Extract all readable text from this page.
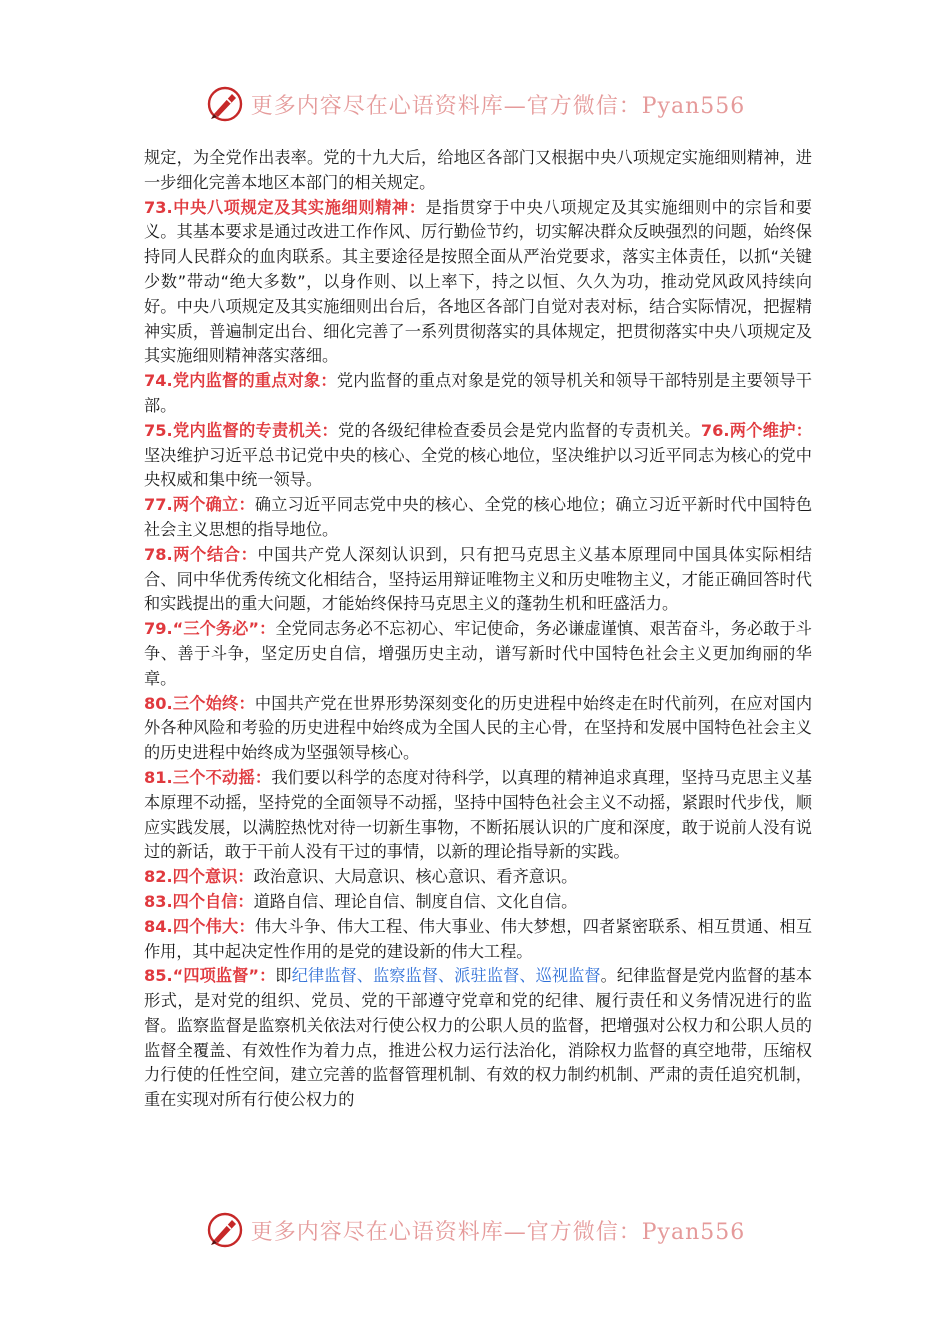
更多内容尽在心语资料库—官方微信：Pyan556

规定，为全党作出表率。党的十九大后，给地区各部门又根据中央八项规定实施细则精神，进一步细化完善本地区本部门的相关规定。

73.中央八项规定及其实施细则精神：是指贯穿于中央八项规定及其实施细则中的宗旨和要义。其基本要求是通过改进工作作风、厉行勤俭节约，切实解决群众反映强烈的问题，始终保持同人民群众的血肉联系。其主要途径是按照全面从严治党要求，落实主体责任，以抓“关键少数”带动“绝大多数”，以身作则、以上率下，持之以恒、久久为功，推动党风政风持续向好。中央八项规定及其实施细则出台后，各地区各部门自觉对表对标，结合实际情况，把握精神实质，普遍制定出台、细化完善了一系列贯彻落实的具体规定，把贯彻落实中央八项规定及其实施细则精神落实落细。

74.党内监督的重点对象：党内监督的重点对象是党的领导机关和领导干部特别是主要领导干部。

75.党内监督的专责机关：党的各级纪律检查委员会是党内监督的专责机关。76.两个维护：坚决维护习近平总书记党中央的核心、全党的核心地位，坚决维护以习近平同志为核心的党中央权威和集中统一领导。

77.两个确立：确立习近平同志党中央的核心、全党的核心地位；确立习近平新时代中国特色社会主义思想的指导地位。

78.两个结合：中国共产党人深刻认识到，只有把马克思主义基本原理同中国具体实际相结合、同中华优秀传统文化相结合，坚持运用辩证唯物主义和历史唯物主义，才能正确回答时代和实践提出的重大问题，才能始终保持马克思主义的蓬勃生机和旺盛活力。

79.“三个务必”：全党同志务必不忘初心、牢记使命，务必谦虚谨慎、艰苦奋斗，务必敢于斗争、善于斗争，坚定历史自信，增强历史主动，谱写新时代中国特色社会主义更加绚丽的华章。

80.三个始终：中国共产党在世界形势深刻变化的历史进程中始终走在时代前列，在应对国内外各种风险和考验的历史进程中始终成为全国人民的主心骨，在坚持和发展中国特色社会主义的历史进程中始终成为坚强领导核心。

81.三个不动摇：我们要以科学的态度对待科学，以真理的精神追求真理，坚持马克思主义基本原理不动摇，坚持党的全面领导不动摇，坚持中国特色社会主义不动摇，紧跟时代步伐，顺应实践发展，以满腔热忱对待一切新生事物，不断拓展认识的广度和深度，敢于说前人没有说过的新话，敢于干前人没有干过的事情，以新的理论指导新的实践。

82.四个意识：政治意识、大局意识、核心意识、看齐意识。

83.四个自信：道路自信、理论自信、制度自信、文化自信。

84.四个伟大：伟大斗争、伟大工程、伟大事业、伟大梦想，四者紧密联系、相互贯通、相互作用，其中起决定性作用的是党的建设新的伟大工程。

85.“四项监督”：即纪律监督、监察监督、派驻监督、巡视监督。纪律监督是党内监督的基本形式，是对党的组织、党员、党的干部遵守党章和党的纪律、履行责任和义务情况进行的监督。监察监督是监察机关依法对行使公权力的公职人员的监督，把增强对公权力和公职人员的监督全覆盖、有效性作为着力点，推进公权力运行法治化，消除权力监督的真空地带，压缩权力行使的任性空间，建立完善的监督管理机制、有效的权力制约机制、严肃的责任追究机制，重在实现对所有行使公权力的

更多内容尽在心语资料库—官方微信：Pyan556
